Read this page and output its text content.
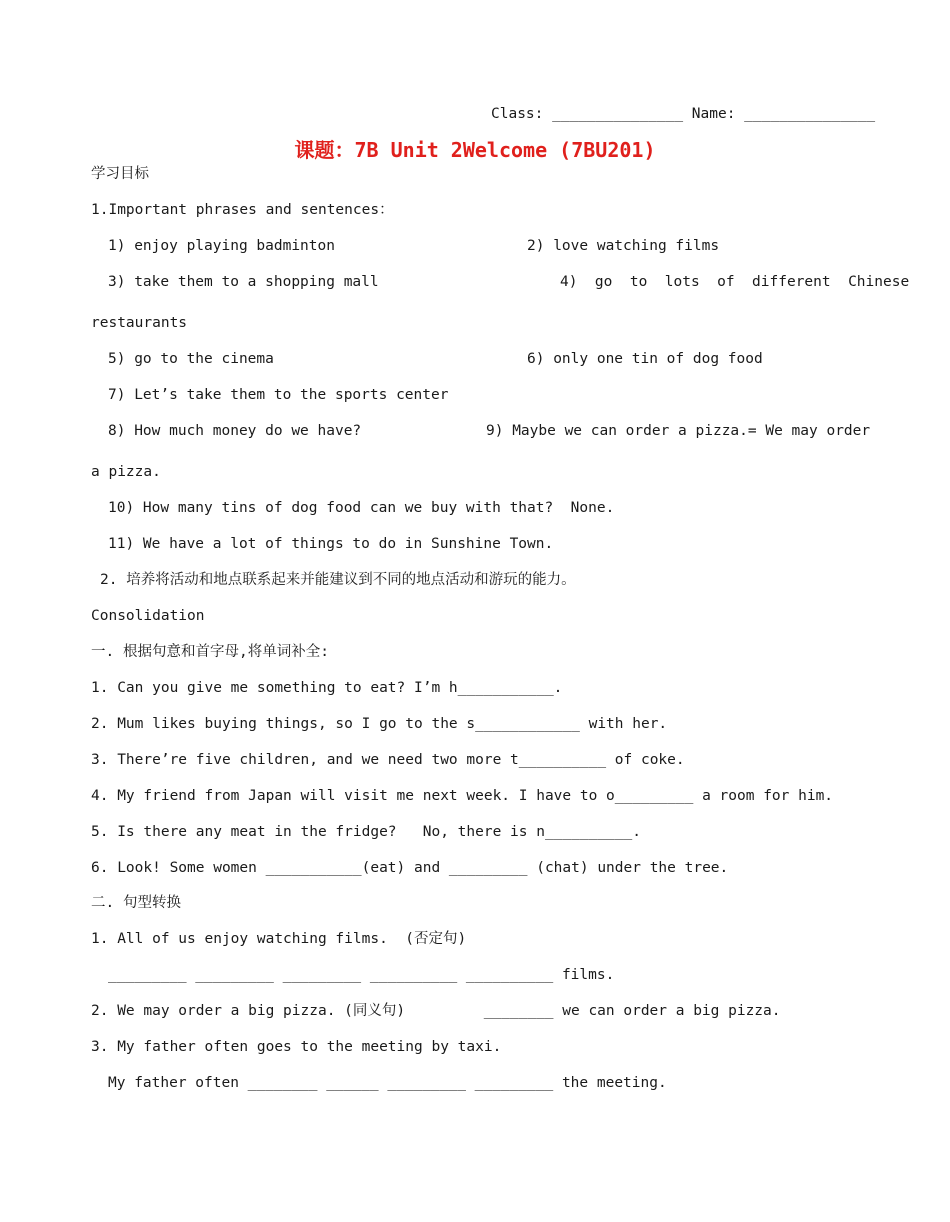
Class: _______________ Name: _______________
课题：7B Unit 2Welcome (7BU201)
学习目标
1.Important phrases and sentences：
1) enjoy playing badminton	2) love watching films
3) take them to a shopping mall	4)  go  to  lots  of  different  Chinese
restaurants
5) go to the cinema	6) only one tin of dog food
7) Let’s take them to the sports center
8) How much money do we have?	9) Maybe we can order a pizza.= We may order
a pizza.
10) How many tins of dog food can we buy with that?  None.
11) We have a lot of things to do in Sunshine Town.
2. 培养将活动和地点联系起来并能建议到不同的地点活动和游玩的能力。
Consolidation
一. 根据句意和首字母,将单词补全:
1. Can you give me something to eat? I’m h___________.
2. Mum likes buying things, so I go to the s____________ with her.
3. There’re five children, and we need two more t__________ of coke.
4. My friend from Japan will visit me next week. I have to o_________ a room for him.
5. Is there any meat in the fridge?   No, there is n__________.
6. Look! Some women ___________(eat) and _________ (chat) under the tree.
二. 句型转换
1. All of us enjoy watching films.  (否定句)
_________ _________ _________ __________ __________ films.
2. We may order a big pizza. (同义句)         ________ we can order a big pizza.
3. My father often goes to the meeting by taxi.
My father often ________ ______ _________ _________ the meeting.
